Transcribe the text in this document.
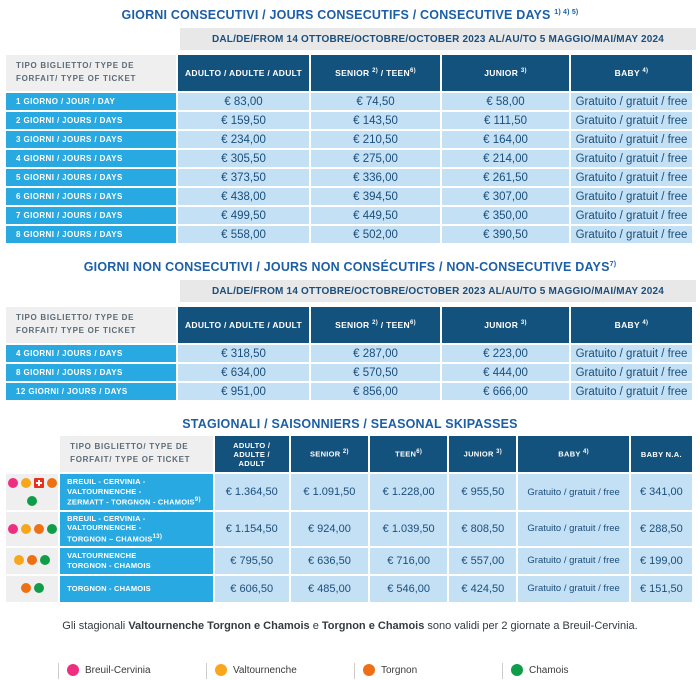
GIORNI CONSECUTIVI / JOURS CONSECUTIFS / CONSECUTIVE DAYS $^{1) 4) 5)}$
DAL/DE/FROM 14 OTTOBRE/OCTOBRE/OCTOBER 2023 AL/AU/TO 5 MAGGIO/MAI/MAY 2024
TIPO BIGLIETTO/ TYPE DE FORFAIT/ TYPE OF TICKET	ADULTO / ADULTE / ADULT	SENIOR $^{2)}$ / TEEN$^{6)}$	JUNIOR $^{3)}$	BABY $^{4)}$
1 GIORNO / JOUR / DAY	€ 83,00	€ 74,50	€ 58,00	Gratuito / gratuit / free
2 GIORNI / JOURS / DAYS	€ 159,50	€ 143,50	€ 111,50	Gratuito / gratuit / free
3 GIORNI / JOURS / DAYS	€ 234,00	€ 210,50	€ 164,00	Gratuito / gratuit / free
4 GIORNI / JOURS / DAYS	€ 305,50	€ 275,00	€ 214,00	Gratuito / gratuit / free
5 GIORNI / JOURS / DAYS	€ 373,50	€ 336,00	€ 261,50	Gratuito / gratuit / free
6 GIORNI / JOURS / DAYS	€ 438,00	€ 394,50	€ 307,00	Gratuito / gratuit / free
7 GIORNI / JOURS / DAYS	€ 499,50	€ 449,50	€ 350,00	Gratuito / gratuit / free
8 GIORNI / JOURS / DAYS	€ 558,00	€ 502,00	€ 390,50	Gratuito / gratuit / free
GIORNI NON CONSECUTIVI / JOURS NON CONSÉCUTIFS / NON-CONSECUTIVE DAYS$^{7)}$
DAL/DE/FROM 14 OTTOBRE/OCTOBRE/OCTOBER 2023 AL/AU/TO 5 MAGGIO/MAI/MAY 2024
TIPO BIGLIETTO/ TYPE DE FORFAIT/ TYPE OF TICKET	ADULTO / ADULTE / ADULT	SENIOR $^{2)}$ / TEEN$^{6)}$	JUNIOR $^{3)}$	BABY $^{4)}$
4 GIORNI / JOURS / DAYS	€ 318,50	€ 287,00	€ 223,00	Gratuito / gratuit / free
8 GIORNI / JOURS / DAYS	€ 634,00	€ 570,50	€ 444,00	Gratuito / gratuit / free
12 GIORNI / JOURS / DAYS	€ 951,00	€ 856,00	€ 666,00	Gratuito / gratuit / free
STAGIONALI / SAISONNIERS / SEASONAL SKIPASSES
	TIPO BIGLIETTO/ TYPE DE FORFAIT/ TYPE OF TICKET	ADULTO / ADULTE /
ADULT	SENIOR $^{2)}$	TEEN$^{6)}$	JUNIOR $^{3)}$	BABY $^{4)}$	BABY N.A.
	BREUIL - CERVINIA - VALTOURNENCHE -
ZERMATT - TORGNON - CHAMOIS$^{9)}$	€ 1.364,50	€ 1.091,50	€ 1.228,00	€ 955,50	Gratuito / gratuit / free	€ 341,00
	BREUIL - CERVINIA - VALTOURNENCHE -
TORGNON – CHAMOIS$^{13)}$	€ 1.154,50	€ 924,00	€ 1.039,50	€ 808,50	Gratuito / gratuit / free	€ 288,50
	VALTOURNENCHE
TORGNON - CHAMOIS	€ 795,50	€ 636,50	€ 716,00	€ 557,00	Gratuito / gratuit / free	€ 199,00
	TORGNON - CHAMOIS	€ 606,50	€ 485,00	€ 546,00	€ 424,50	Gratuito / gratuit / free	€ 151,50
Gli stagionali Valtournenche Torgnon e Chamois e Torgnon e Chamois sono validi per 2 giornate a Breuil-Cervinia.
Breuil-Cervinia	Valtournenche	Torgnon	Chamois
